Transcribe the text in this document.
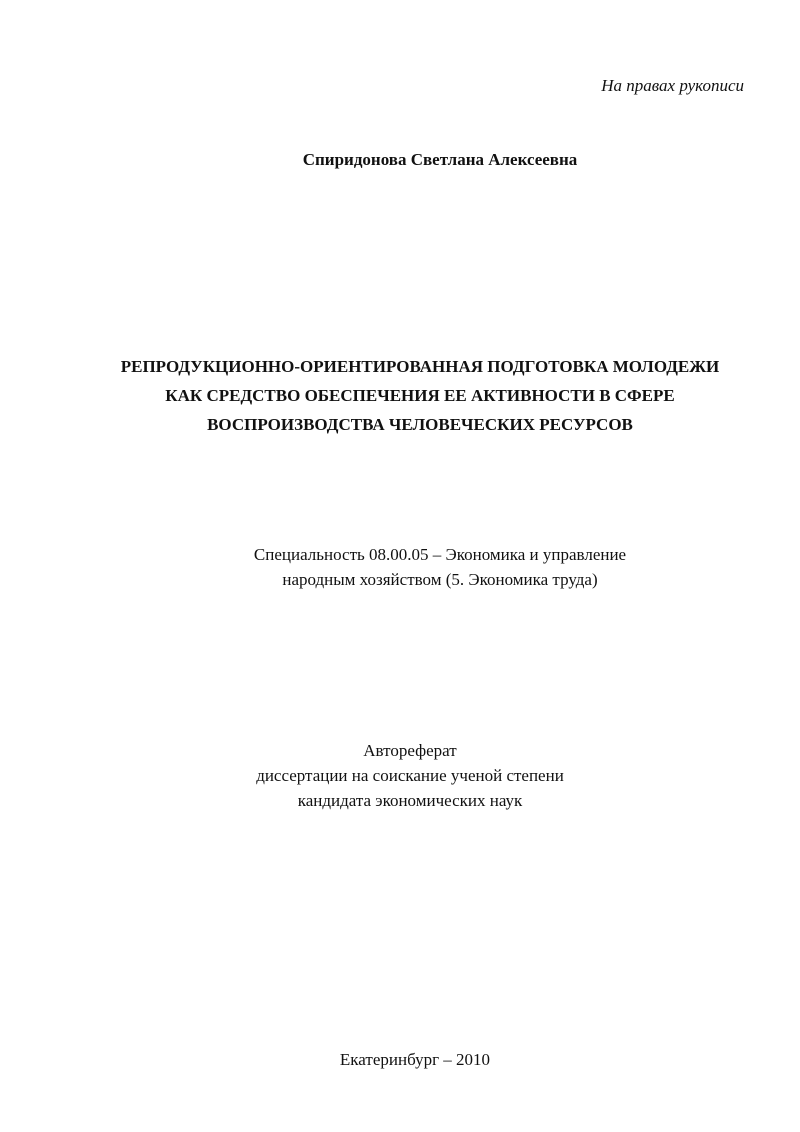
На правах рукописи
Спиридонова Светлана Алексеевна
РЕПРОДУКЦИОННО-ОРИЕНТИРОВАННАЯ ПОДГОТОВКА МОЛОДЕЖИ
КАК СРЕДСТВО ОБЕСПЕЧЕНИЯ ЕЕ АКТИВНОСТИ В СФЕРЕ
ВОСПРОИЗВОДСТВА ЧЕЛОВЕЧЕСКИХ РЕСУРСОВ
Специальность 08.00.05 – Экономика и управление
народным хозяйством (5. Экономика труда)
Автореферат
диссертации на соискание ученой степени
кандидата экономических наук
Екатеринбург – 2010
